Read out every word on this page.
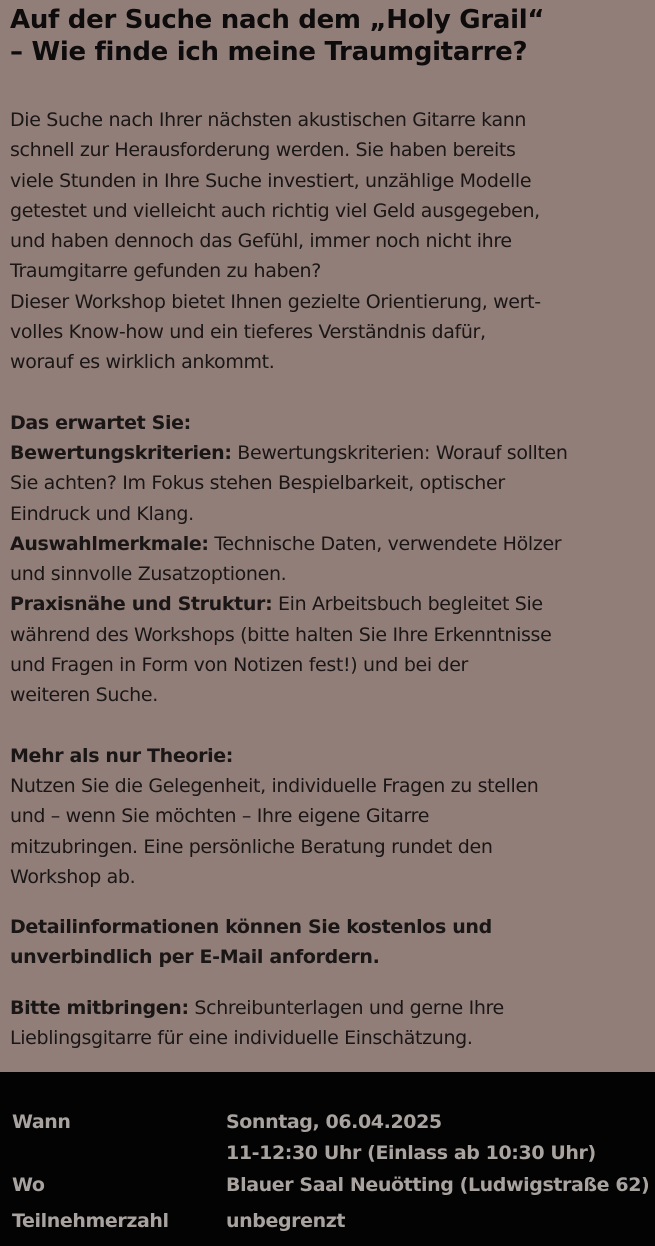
Auf der Suche nach dem „Holy Grail“
– Wie finde ich meine Traumgitarre?

Die Suche nach Ihrer nächsten akustischen Gitarre kann
schnell zur Herausforderung werden. Sie haben bereits
viele Stunden in Ihre Suche investiert, unzählige Modelle
getestet und vielleicht auch richtig viel Geld ausgegeben,
und haben dennoch das Gefühl, immer noch nicht ihre
Traumgitarre gefunden zu haben?
Dieser Workshop bietet Ihnen gezielte Orientierung, wert-
volles Know-how und ein tieferes Verständnis dafür,
worauf es wirklich ankommt.

Das erwartet Sie:
Bewertungskriterien: Bewertungskriterien: Worauf sollten
Sie achten? Im Fokus stehen Bespielbarkeit, optischer
Eindruck und Klang.
Auswahlmerkmale: Technische Daten, verwendete Hölzer
und sinnvolle Zusatzoptionen.
Praxisnähe und Struktur: Ein Arbeitsbuch begleitet Sie
während des Workshops (bitte halten Sie Ihre Erkenntnisse
und Fragen in Form von Notizen fest!) und bei der
weiteren Suche.
Mehr als nur Theorie:
Nutzen Sie die Gelegenheit, individuelle Fragen zu stellen
und – wenn Sie möchten – Ihre eigene Gitarre
mitzubringen. Eine persönliche Beratung rundet den
Workshop ab.
Detailinformationen können Sie kostenlos und
unverbindlich per E-Mail anfordern.
Bitte mitbringen: Schreibunterlagen und gerne Ihre
Lieblingsgitarre für eine individuelle Einschätzung.
Wann	Sonntag, 06.04.2025
11-12:30 Uhr (Einlass ab 10:30 Uhr)
Wo	Blauer Saal Neuötting (Ludwigstraße 62)
Teilnehmerzahl	unbegrenzt
